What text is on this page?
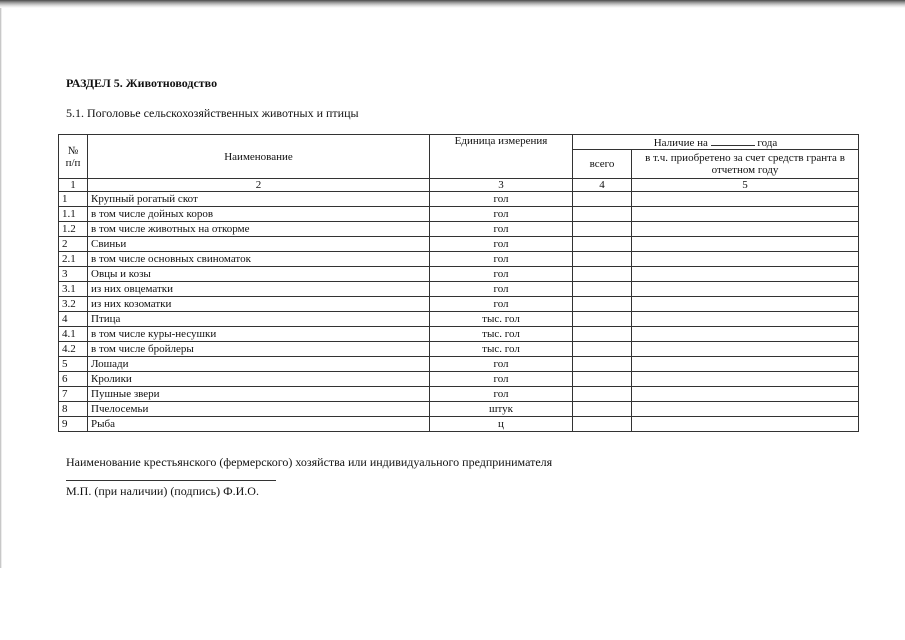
РАЗДЕЛ 5. Животноводство
5.1. Поголовье сельскохозяйственных животных и птицы
№ п/п	Наименование	Единица измерения	Наличие на года	
			всего	в т.ч. приобретено за счет средств гранта в отчетном году
1	2	3	4	5
1	Крупный рогатый скот	гол		
1.1	в том числе дойных коров	гол		
1.2	в том числе животных на откорме	гол		
2	Свиньи	гол		
2.1	в том числе основных свиноматок	гол		
3	Овцы и козы	гол		
3.1	из них овцематки	гол		
3.2	из них козоматки	гол		
4	Птица	тыс. гол		
4.1	в том числе куры-несушки	тыс. гол		
4.2	в том числе бройлеры	тыс. гол		
5	Лошади	гол		
6	Кролики	гол		
7	Пушные звери	гол		
8	Пчелосемьи	штук		
9	Рыба	ц		
Наименование крестьянского (фермерского) хозяйства или индивидуального предпринимателя
М.П. (при наличии) (подпись) Ф.И.О.
